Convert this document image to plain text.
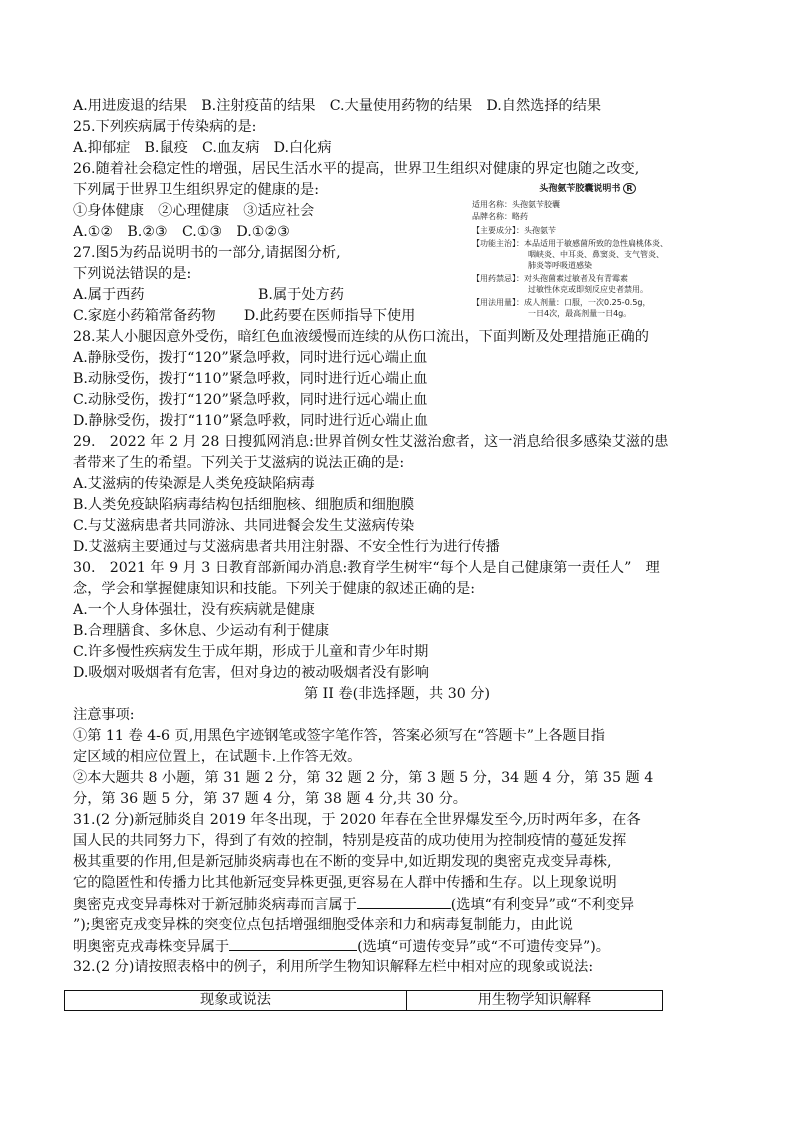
A.用进废退的结果　B.注射疫苗的结果　C.大量使用药物的结果　D.自然选择的结果
25.下列疾病属于传染病的是:
A.抑郁症　B.鼠疫　C.血友病　D.白化病
26.随着社会稳定性的增强，居民生活水平的提高，世界卫生组织对健康的界定也随之改变,
下列属于世界卫生组织界定的健康的是:
①身体健康　②心理健康　③适应社会
A.①②　B.②③　C.①③　D.①②③
27.图5为药品说明书的一部分,请据图分析,
下列说法错误的是:
A.属于西药　　　　　　　　B.属于处方药
C.家庭小药箱常备药物　　D.此药要在医师指导下使用
28.某人小腿因意外受伤，暗红色血液缓慢而连续的从伤口流出，下面判断及处理措施正确的
A.静脉受伤，拨打“120”紧急呼救，同时进行远心端止血
B.动脉受伤，拨打“110”紧急呼救，同时进行近心端止血
C.动脉受伤，拨打“120”紧急呼救，同时进行远心端止血
D.静脉受伤，拨打“110”紧急呼救，同时进行近心端止血
29.　2022 年 2 月 28 日搜狐网消息:世界首例女性艾滋治愈者，这一消息给很多感染艾滋的患
者带来了生的希望。下列关于艾滋病的说法正确的是:
A.艾滋病的传染源是人类免疫缺陷病毒
B.人类免疫缺陷病毒结构包括细胞核、细胞质和细胞膜
C.与艾滋病患者共同游泳、共同进餐会发生艾滋病传染
D.艾滋病主要通过与艾滋病患者共用注射器、不安全性行为进行传播
30.　2021 年 9 月 3 日教育部新闻办消息:教育学生树牢“每个人是自己健康第一责任人”　理
念，学会和掌握健康知识和技能。下列关于健康的叙述正确的是:
A.一个人身体强壮，没有疾病就是健康
B.合理膳食、多休息、少运动有利于健康
C.许多慢性疾病发生于成年期，形成于儿童和青少年时期
D.吸烟对吸烟者有危害，但对身边的被动吸烟者没有影响
第 II 卷(非选择题，共 30 分)
注意事项:
①第 11 卷 4-6 页,用黑色宇迹钢笔或签字笔作答，答案必须写在“答题卡”上各题目指
定区域的相应位置上，在试题卡.上作答无效。
②本大题共 8 小题，第 31 题 2 分，第 32 题 2 分，第 3 题 5 分，34 题 4 分，第 35 题 4
分，第 36 题 5 分，第 37 题 4 分，第 38 题 4 分,共 30 分。
31.(2 分)新冠肺炎自 2019 年冬出现，于 2020 年春在全世界爆发至今,历时两年多，在各
国人民的共同努力下，得到了有效的控制，特别是疫苗的成功使用为控制疫情的蔓延发挥
极其重要的作用,但是新冠肺炎病毒也在不断的变异中,如近期发现的奥密克戎变异毒株,
它的隐匿性和传播力比其他新冠变异株更强,更容易在人群中传播和生存。以上现象说明
奥密克戎变异毒株对于新冠肺炎病毒而言属于	(选填“有利变异”或“不利变异
”);奥密克戎变异株的突变位点包括增强细胞受体亲和力和病毒复制能力，由此说
明奥密克戎毒株变异属于	(选填“可遗传变异”或“不可遗传变异”)。
32.(2 分)请按照表格中的例子，利用所学生物知识解释左栏中相对应的现象或说法:
现象或说法	用生物学知识解释
头孢氨苄胶囊说明书 R
适用名称：头孢氨苄胶囊
品牌名称：略药
【主要成分】：头孢氨苄
【功能主治】：本品适用于敏感菌所致的急性扁桃体炎、
　　　　　　　咽峡炎、中耳炎、鼻窦炎、支气管炎、
　　　　　　　肺炎等呼吸道感染
【用药禁忌】：对头孢菌素过敏者及有青霉素
　　　　　　　过敏性休克或即刻反应史者禁用。
【用法用量】：成人剂量：口服，一次0.25-0.5g，
　　　　　　　一日4次，最高剂量一日4g。
